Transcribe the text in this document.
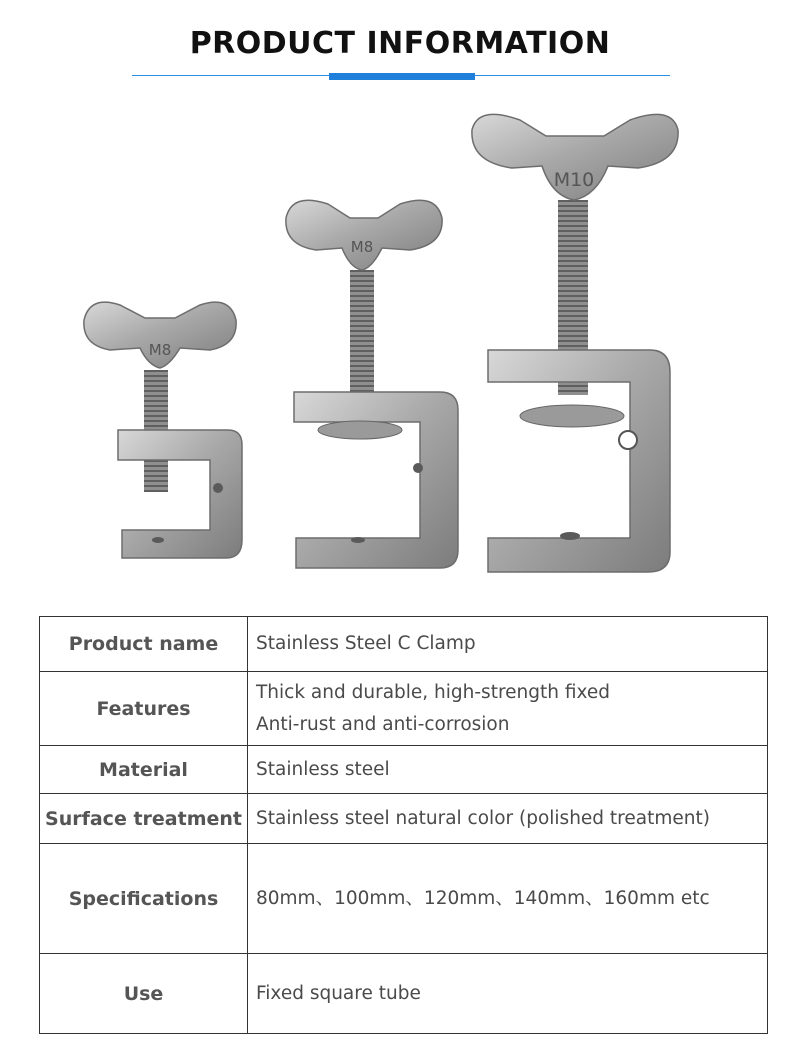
PRODUCT INFORMATION
M8
M8
M10
Product name	Stainless Steel C Clamp
Features	Thick and durable, high-strength fixed
Anti-rust and anti-corrosion

Material	Stainless steel
Surface treatment	Stainless steel natural color (polished treatment)
Specifications	80mm、100mm、120mm、140mm、160mm etc
Use	Fixed square tube
